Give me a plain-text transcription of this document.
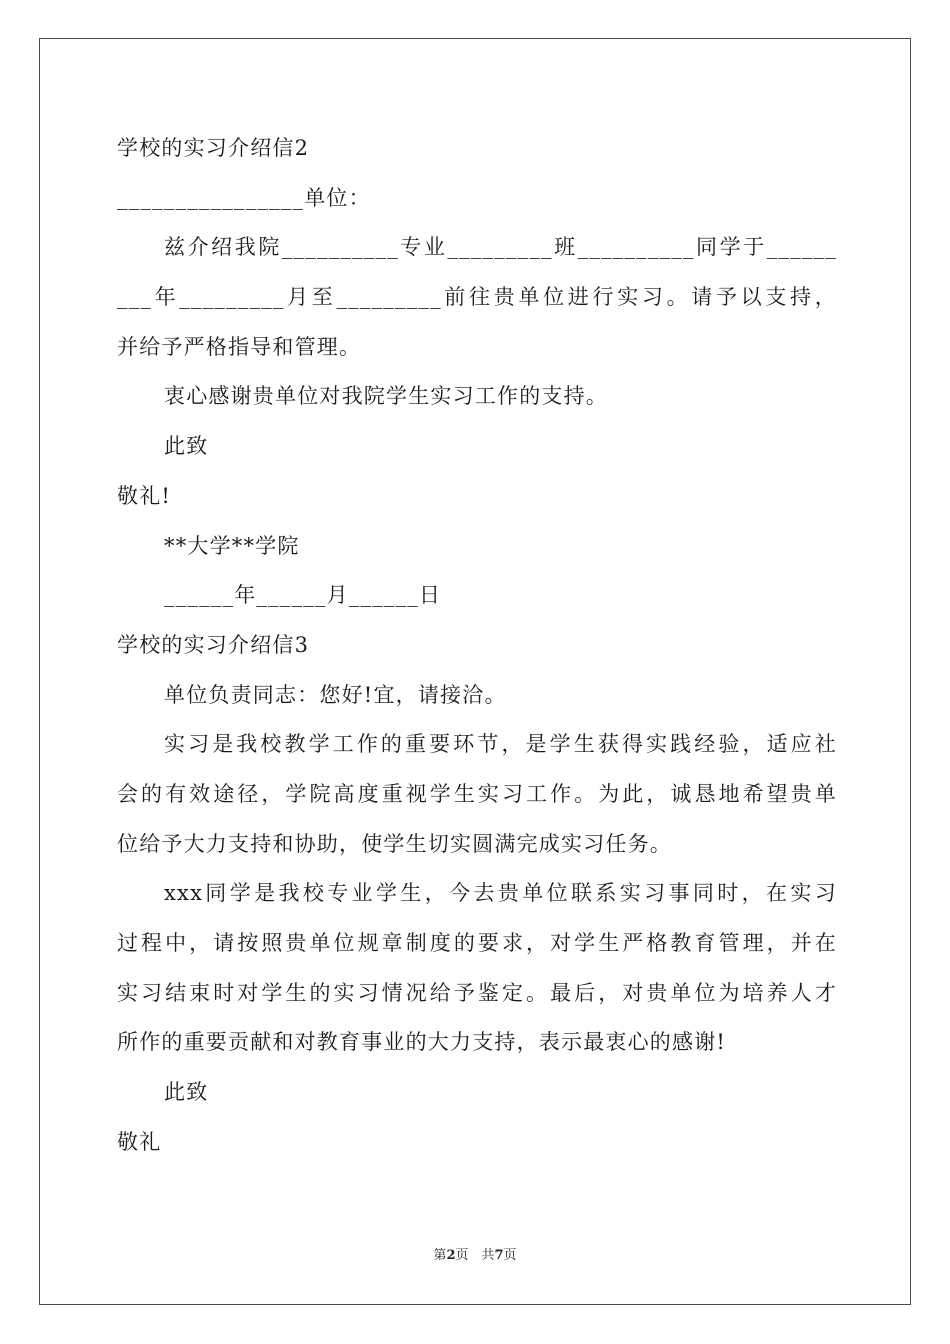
学校的实习介绍信2
________________单位：
兹介绍我院__________专业_________班__________同学于______
___年_________月至_________前往贵单位进行实习。请予以支持，
并给予严格指导和管理。
衷心感谢贵单位对我院学生实习工作的支持。
此致
敬礼!
**大学**学院
______年______月______日
学校的实习介绍信3
单位负责同志：您好!宜，请接洽。
实习是我校教学工作的重要环节，是学生获得实践经验，适应社
会的有效途径，学院高度重视学生实习工作。为此，诚恳地希望贵单
位给予大力支持和协助，使学生切实圆满完成实习任务。
xxx同学是我校专业学生，今去贵单位联系实习事同时，在实习
过程中，请按照贵单位规章制度的要求，对学生严格教育管理，并在
实习结束时对学生的实习情况给予鉴定。最后，对贵单位为培养人才
所作的重要贡献和对教育事业的大力支持，表示最衷心的感谢!
此致
敬礼
第2页　共7页
